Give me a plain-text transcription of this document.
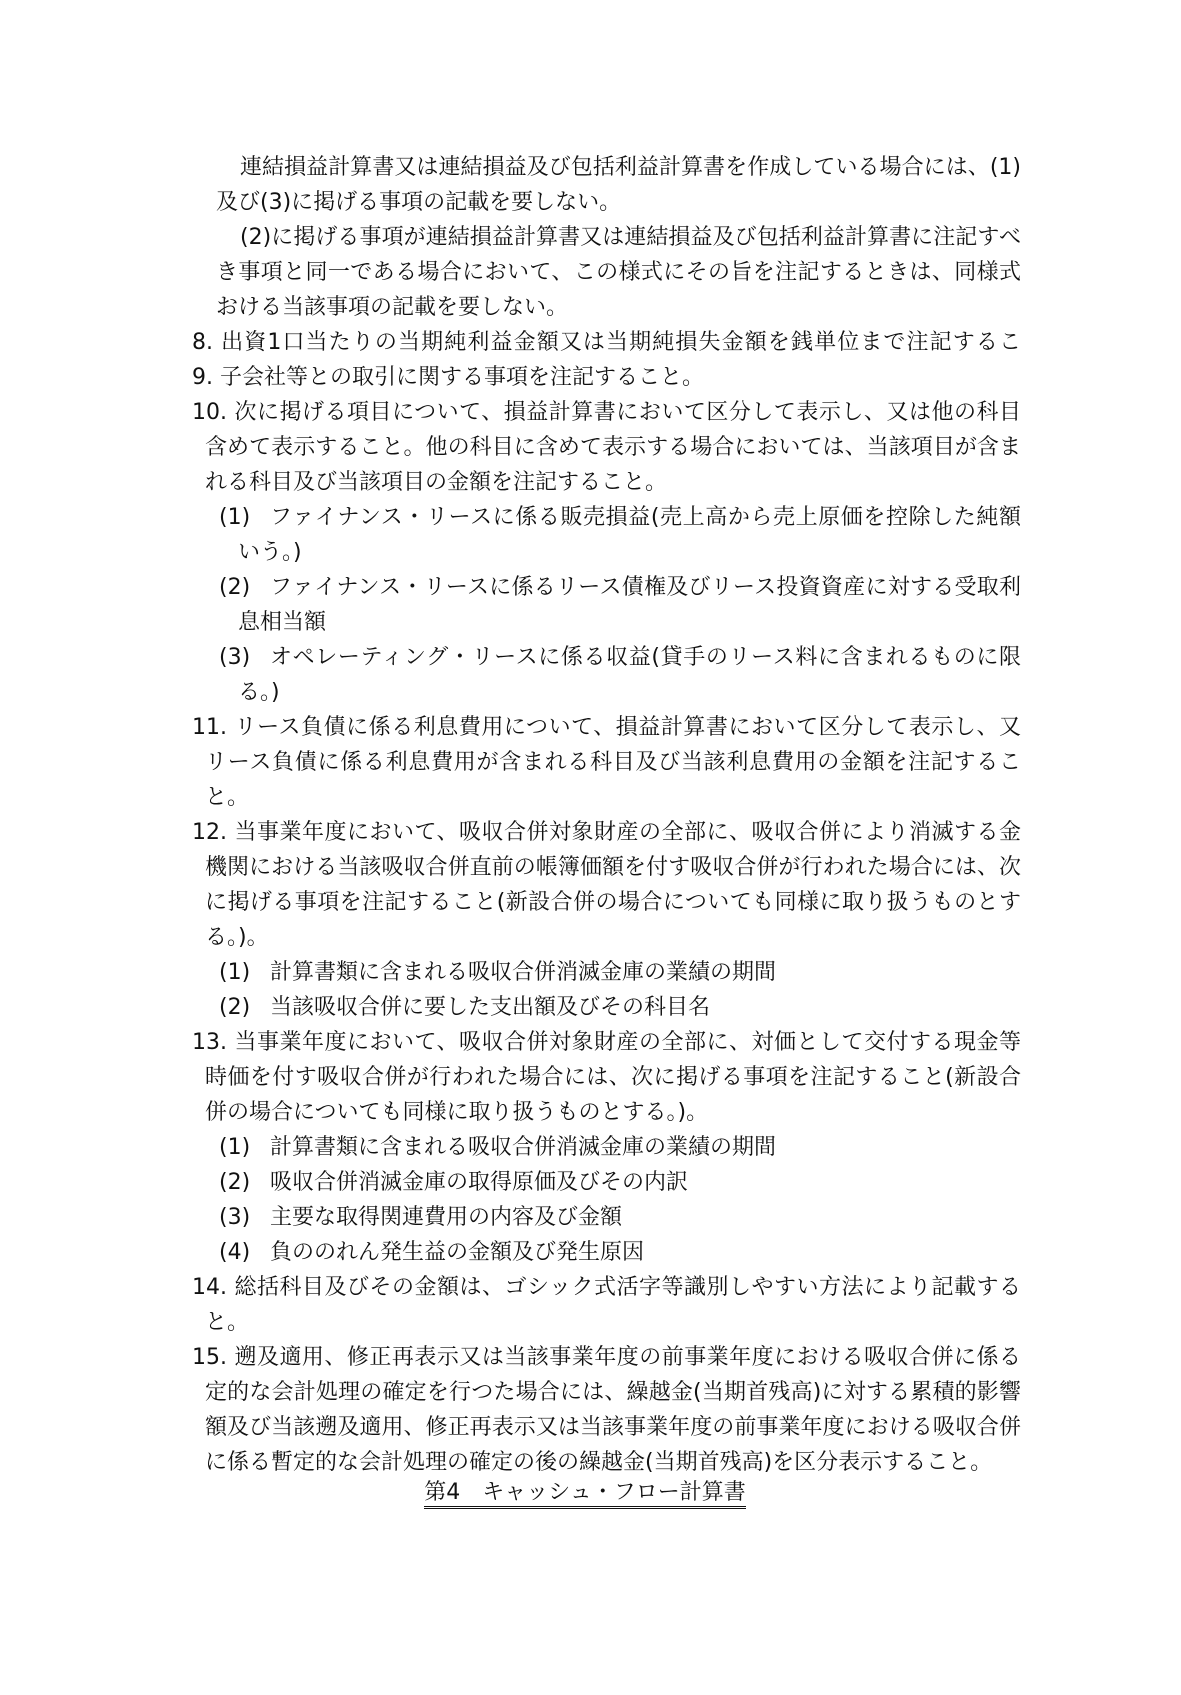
連結損益計算書又は連結損益及び包括利益計算書を作成している場合には、(1)
及び(3)に掲げる事項の記載を要しない。
(2)に掲げる事項が連結損益計算書又は連結損益及び包括利益計算書に注記すべ
き事項と同一である場合において、この様式にその旨を注記するときは、同様式
おける当該事項の記載を要しない。
8. 出資1口当たりの当期純利益金額又は当期純損失金額を銭単位まで注記するこ
9. 子会社等との取引に関する事項を注記すること。
10. 次に掲げる項目について、損益計算書において区分して表示し、又は他の科目
含めて表示すること。他の科目に含めて表示する場合においては、当該項目が含ま
れる科目及び当該項目の金額を注記すること。
(1) ファイナンス・リースに係る販売損益(売上高から売上原価を控除した純額
いう。)
(2) ファイナンス・リースに係るリース債権及びリース投資資産に対する受取利
息相当額
(3) オペレーティング・リースに係る収益(貸手のリース料に含まれるものに限
る。)
11. リース負債に係る利息費用について、損益計算書において区分して表示し、又
リース負債に係る利息費用が含まれる科目及び当該利息費用の金額を注記するこ
と。
12. 当事業年度において、吸収合併対象財産の全部に、吸収合併により消滅する金
機関における当該吸収合併直前の帳簿価額を付す吸収合併が行われた場合には、次
に掲げる事項を注記すること(新設合併の場合についても同様に取り扱うものとす
る。)。
(1) 計算書類に含まれる吸収合併消滅金庫の業績の期間
(2) 当該吸収合併に要した支出額及びその科目名
13. 当事業年度において、吸収合併対象財産の全部に、対価として交付する現金等
時価を付す吸収合併が行われた場合には、次に掲げる事項を注記すること(新設合
併の場合についても同様に取り扱うものとする。)。
(1) 計算書類に含まれる吸収合併消滅金庫の業績の期間
(2) 吸収合併消滅金庫の取得原価及びその内訳
(3) 主要な取得関連費用の内容及び金額
(4) 負ののれん発生益の金額及び発生原因
14. 総括科目及びその金額は、ゴシック式活字等識別しやすい方法により記載する
と。
15. 遡及適用、修正再表示又は当該事業年度の前事業年度における吸収合併に係る
定的な会計処理の確定を行つた場合には、繰越金(当期首残高)に対する累積的影響
額及び当該遡及適用、修正再表示又は当該事業年度の前事業年度における吸収合併
に係る暫定的な会計処理の確定の後の繰越金(当期首残高)を区分表示すること。
第4　キャッシュ・フロー計算書
